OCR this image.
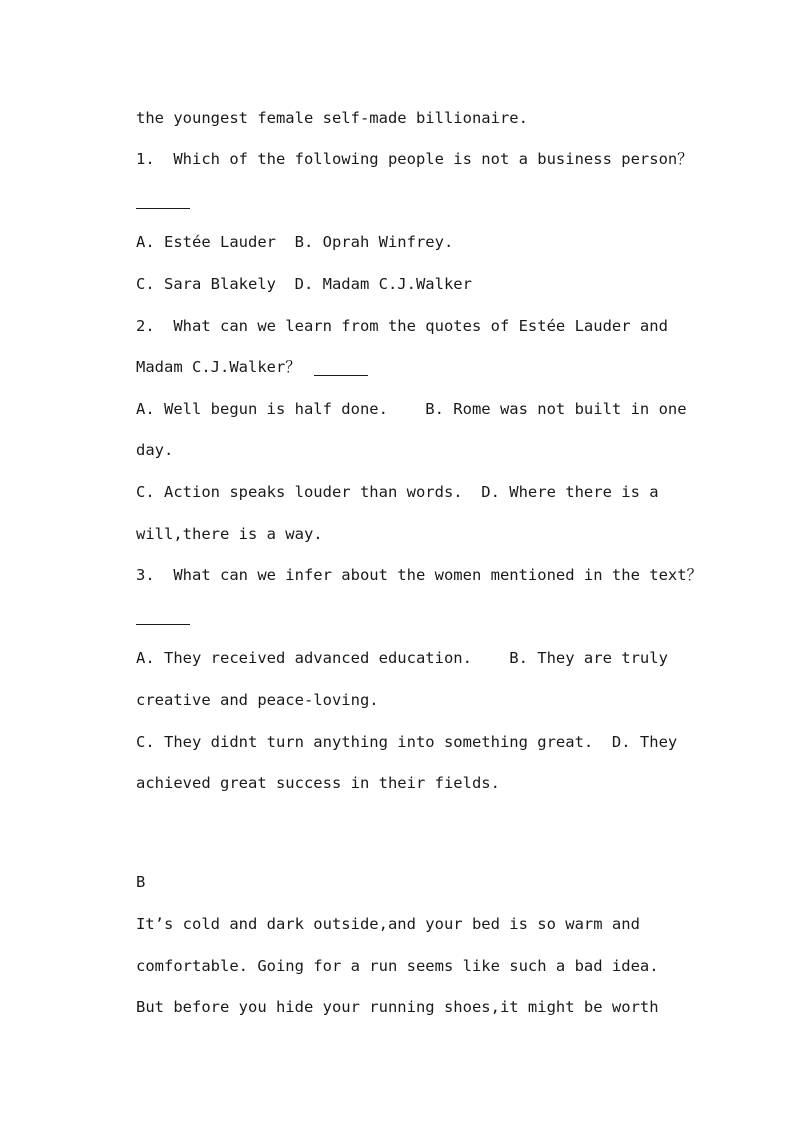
the youngest female self-made billionaire.
1.  Which of the following people is not a business person？
A. Estée Lauder  B. Oprah Winfrey.
C. Sara Blakely  D. Madam C.J.Walker
2.  What can we learn from the quotes of Estée Lauder and
Madam C.J.Walker？
A. Well begun is half done.    B. Rome was not built in one
day.
C. Action speaks louder than words.  D. Where there is a
will,there is a way.
3.  What can we infer about the women mentioned in the text？
A. They received advanced education.    B. They are truly
creative and peace-loving.
C. They didnt turn anything into something great.  D. They
achieved great success in their fields.
B
It’s cold and dark outside,and your bed is so warm and
comfortable. Going for a run seems like such a bad idea.
But before you hide your running shoes,it might be worth
